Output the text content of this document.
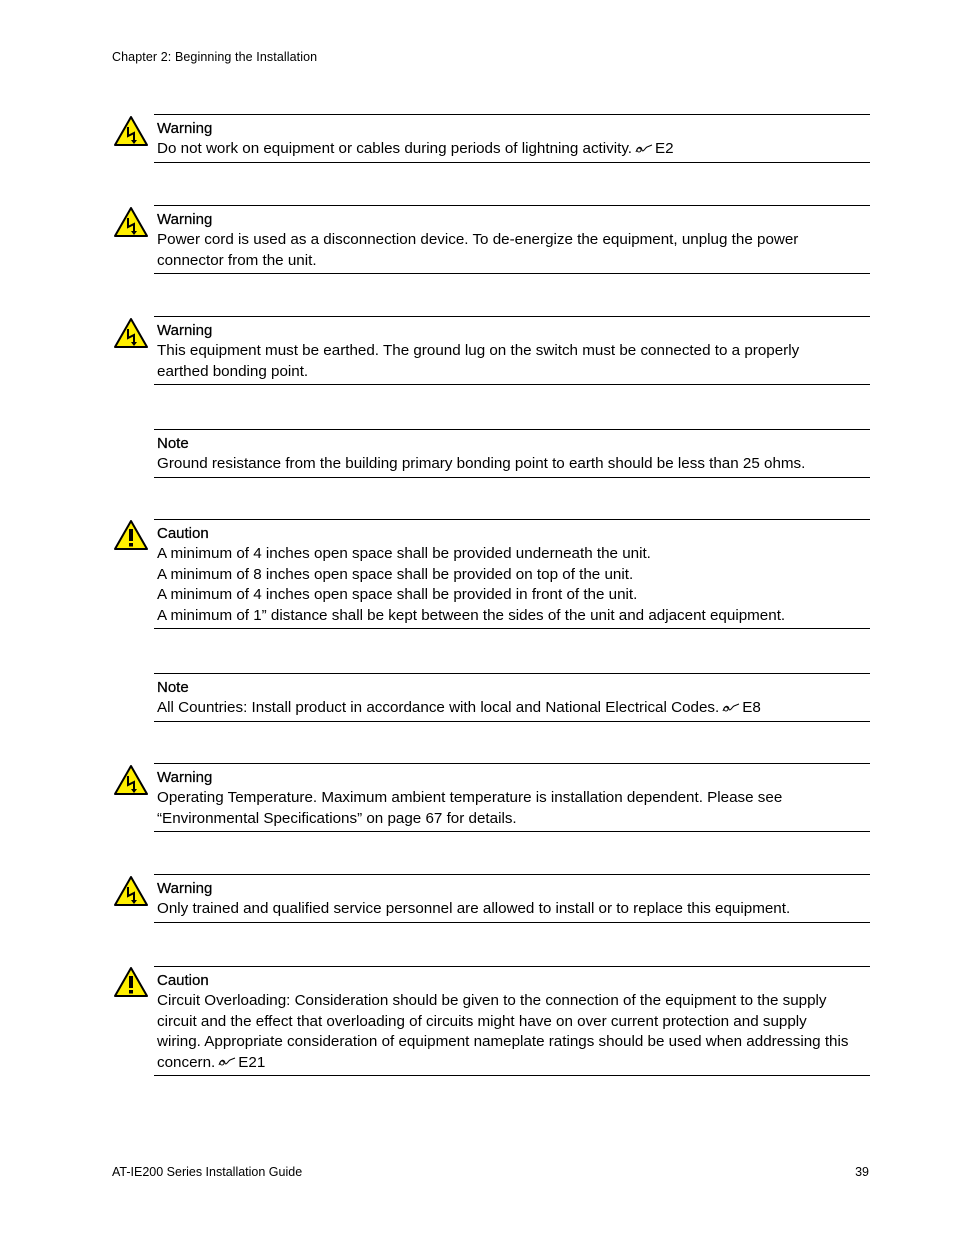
Chapter 2: Beginning the Installation
Warning
Do not work on equipment or cables during periods of lightning activity. E2
Warning
Power cord is used as a disconnection device. To de-energize the equipment, unplug the power
connector from the unit.
Warning
This equipment must be earthed. The ground lug on the switch must be connected to a properly
earthed bonding point.
Note
Ground resistance from the building primary bonding point to earth should be less than 25 ohms.
Caution
A minimum of 4 inches open space shall be provided underneath the unit.
A minimum of 8 inches open space shall be provided on top of the unit.
A minimum of 4 inches open space shall be provided in front of the unit.
A minimum of 1” distance shall be kept between the sides of the unit and adjacent equipment.
Note
All Countries: Install product in accordance with local and National Electrical Codes. E8
Warning
Operating Temperature. Maximum ambient temperature is installation dependent. Please see
“Environmental Specifications” on page 67 for details.
Warning
Only trained and qualified service personnel are allowed to install or to replace this equipment.
Caution
Circuit Overloading: Consideration should be given to the connection of the equipment to the supply
circuit and the effect that overloading of circuits might have on over current protection and supply
wiring. Appropriate consideration of equipment nameplate ratings should be used when addressing this
concern. E21
AT-IE200 Series Installation Guide	39
